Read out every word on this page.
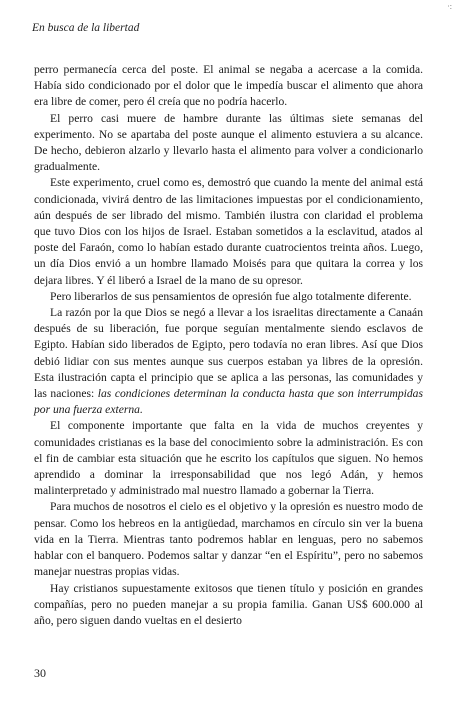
·:
En busca de la libertad

perro permanecía cerca del poste. El animal se negaba a acercase a la comida. Había sido condicionado por el dolor que le impedía buscar el alimento que ahora era libre de comer, pero él creía que no podría hacerlo.

El perro casi muere de hambre durante las últimas siete semanas del experimento. No se apartaba del poste aunque el alimento estuviera a su alcance. De hecho, debieron alzarlo y llevarlo hasta el alimento para volver a condicionarlo gradualmente.

Este experimento, cruel como es, demostró que cuando la mente del animal está condicionada, vivirá dentro de las limitaciones impuestas por el condicionamiento, aún después de ser librado del mismo. También ilustra con claridad el problema que tuvo Dios con los hijos de Israel. Estaban sometidos a la esclavitud, atados al poste del Faraón, como lo habían estado durante cuatrocientos treinta años. Luego, un día Dios envió a un hombre llamado Moisés para que quitara la correa y los dejara libres. Y él liberó a Israel de la mano de su opresor.

Pero liberarlos de sus pensamientos de opresión fue algo totalmente diferente.

La razón por la que Dios se negó a llevar a los israelitas directamente a Canaán después de su liberación, fue porque seguían mentalmente siendo esclavos de Egipto. Habían sido liberados de Egipto, pero todavía no eran libres. Así que Dios debió lidiar con sus mentes aunque sus cuerpos estaban ya libres de la opresión. Esta ilustración capta el principio que se aplica a las personas, las comunidades y las naciones: las condiciones determinan la conducta hasta que son interrumpidas por una fuerza externa.

El componente importante que falta en la vida de muchos creyentes y comunidades cristianas es la base del conocimiento sobre la administración. Es con el fin de cambiar esta situación que he escrito los capítulos que siguen. No hemos aprendido a dominar la irresponsabilidad que nos legó Adán, y hemos malinterpretado y administrado mal nuestro llamado a gobernar la Tierra.

Para muchos de nosotros el cielo es el objetivo y la opresión es nuestro modo de pensar. Como los hebreos en la antigüedad, marchamos en círculo sin ver la buena vida en la Tierra. Mientras tanto podremos hablar en lenguas, pero no sabemos hablar con el banquero. Podemos saltar y danzar “en el Espíritu”, pero no sabemos manejar nuestras propias vidas.

Hay cristianos supuestamente exitosos que tienen título y posición en grandes compañías, pero no pueden manejar a su propia familia. Ganan US$ 600.000 al año, pero siguen dando vueltas en el desierto

30
